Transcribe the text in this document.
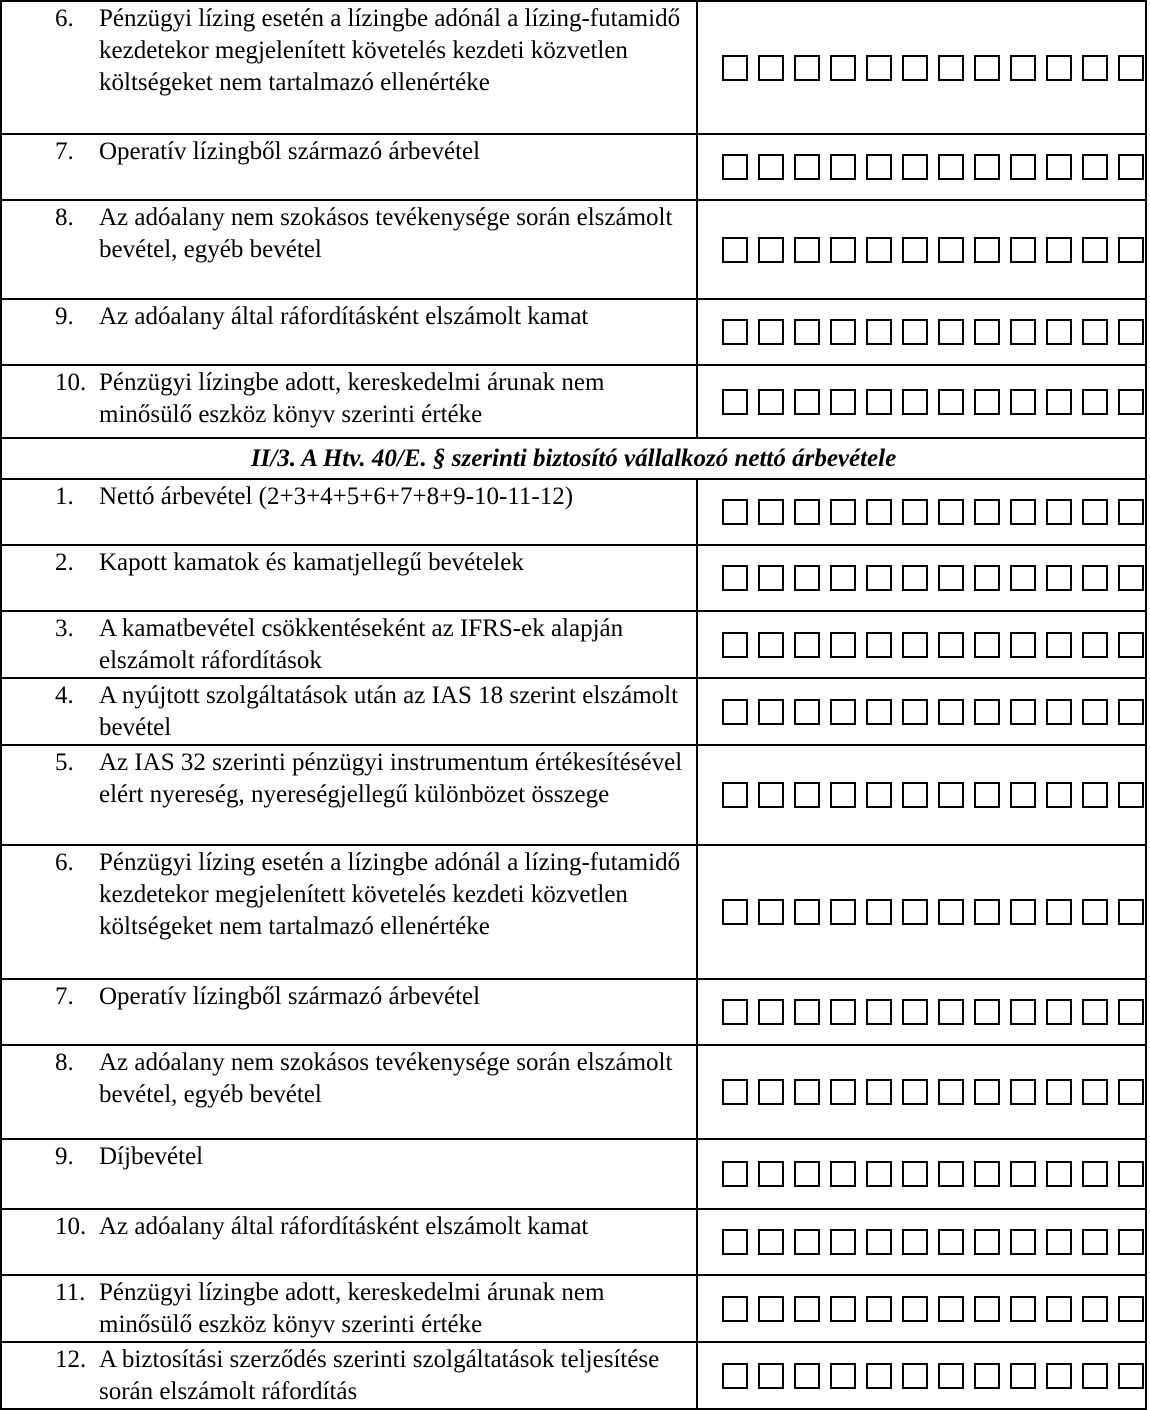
6. Pénzügyi lízing esetén a lízingbe adónál a lízing-futamidő kezdetekor megjelenített követelés kezdeti közvetlen költségeket nem tartalmazó ellenértéke	

7. Operatív lízingből származó árbevétel	

8. Az adóalany nem szokásos tevékenysége során elszámolt bevétel, egyéb bevétel	

9. Az adóalany által ráfordításként elszámolt kamat	

10. Pénzügyi lízingbe adott, kereskedelmi árunak nem minősülő eszköz könyv szerinti értéke	

II/3. A Htv. 40/E. § szerinti biztosító vállalkozó nettó árbevétele	

1. Nettó árbevétel (2+3+4+5+6+7+8+9-10-11-12)	

2. Kapott kamatok és kamatjellegű bevételek	

3. A kamatbevétel csökkentéseként az IFRS-ek alapján elszámolt ráfordítások	

4. A nyújtott szolgáltatások után az IAS 18 szerint elszámolt bevétel	

5. Az IAS 32 szerinti pénzügyi instrumentum értékesítésével elért nyereség, nyereségjellegű különbözet összege	

6. Pénzügyi lízing esetén a lízingbe adónál a lízing-futamidő kezdetekor megjelenített követelés kezdeti közvetlen költségeket nem tartalmazó ellenértéke	

7. Operatív lízingből származó árbevétel	

8. Az adóalany nem szokásos tevékenysége során elszámolt bevétel, egyéb bevétel	

9. Díjbevétel	

10. Az adóalany által ráfordításként elszámolt kamat	

11. Pénzügyi lízingbe adott, kereskedelmi árunak nem minősülő eszköz könyv szerinti értéke	

12. A biztosítási szerződés szerinti szolgáltatások teljesítése során elszámolt ráfordítás	
